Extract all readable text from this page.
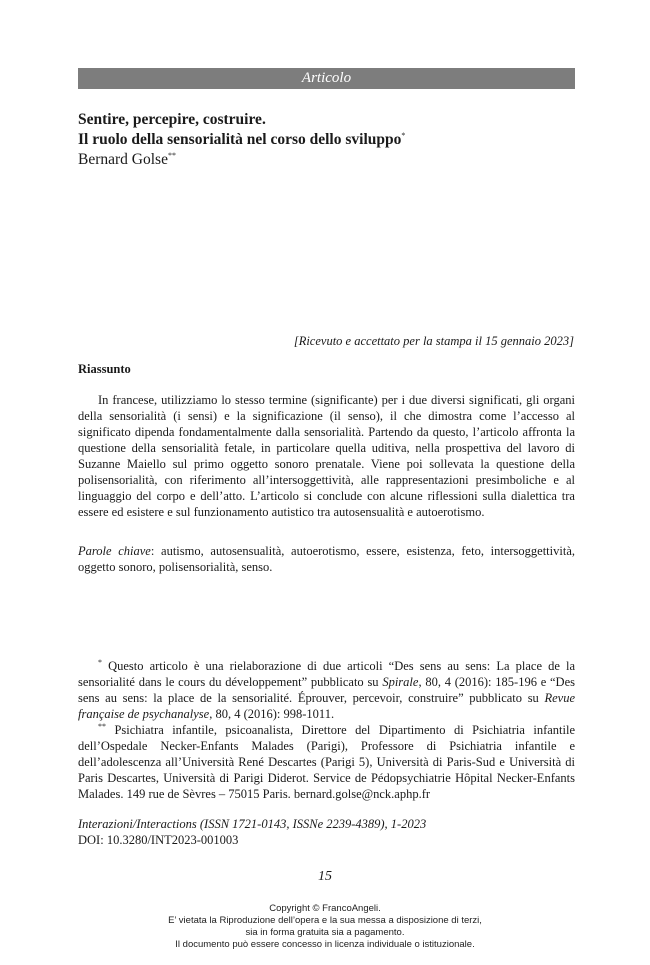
Articolo
Sentire, percepire, costruire.
Il ruolo della sensorialità nel corso dello sviluppo*
Bernard Golse**
[Ricevuto e accettato per la stampa il 15 gennaio 2023]
Riassunto

In francese, utilizziamo lo stesso termine (significante) per i due diversi significati, gli organi della sensorialità (i sensi) e la significazione (il senso), il che dimostra come l’accesso al significato dipenda fondamentalmente dalla sensorialità. Partendo da questo, l’articolo affronta la questione della sensorialità fetale, in particolare quella uditiva, nella prospettiva del lavoro di Suzanne Maiello sul primo oggetto sonoro prenatale. Viene poi sollevata la questione della polisensorialità, con riferimento all’intersoggettività, alle rappresentazioni presimboliche e al linguaggio del corpo e dell’atto. L’articolo si conclude con alcune riflessioni sulla dialettica tra essere ed esistere e sul funzionamento autistico tra autosensualità e autoerotismo.

Parole chiave: autismo, autosensualità, autoerotismo, essere, esistenza, feto, intersoggettività, oggetto sonoro, polisensorialità, senso.

* Questo articolo è una rielaborazione di due articoli “Des sens au sens: La place de la sensorialité dans le cours du développement” pubblicato su Spirale, 80, 4 (2016): 185-196 e “Des sens au sens: la place de la sensorialité. Éprouver, percevoir, construire” pubblicato su Revue française de psychanalyse, 80, 4 (2016): 998-1011.

** Psichiatra infantile, psicoanalista, Direttore del Dipartimento di Psichiatria infantile dell’Ospedale Necker-Enfants Malades (Parigi), Professore di Psichiatria infantile e dell’adolescenza all’Università René Descartes (Parigi 5), Università di Paris-Sud e Università di Paris Descartes, Università di Parigi Diderot. Service de Pédopsychiatrie Hôpital Necker-Enfants Malades. 149 rue de Sèvres – 75015 Paris. bernard.golse@nck.aphp.fr

Interazioni/Interactions (ISSN 1721-0143, ISSNe 2239-4389), 1-2023
DOI: 10.3280/INT2023-001003
15
Copyright © FrancoAngeli.
E’ vietata la Riproduzione dell’opera e la sua messa a disposizione di terzi,
sia in forma gratuita sia a pagamento.
Il documento può essere concesso in licenza individuale o istituzionale.
